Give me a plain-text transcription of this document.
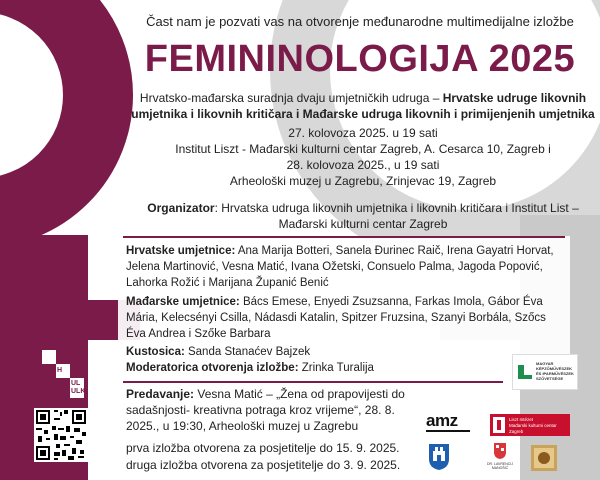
Čast nam je pozvati vas na otvorenje međunarodne multimedijalne izložbe
FEMININOLOGIJA 2025
Hrvatsko-mađarska suradnja dvaju umjetničkih udruga – Hrvatske udruge likovnih umjetnika i likovnih kritičara i Mađarske udruga likovnih i primijenjenih umjetnika
27. kolovoza 2025. u 19 sati
Institut Liszt - Mađarski kulturni centar Zagreb, A. Cesarca 10, Zagreb i
28. kolovoza 2025., u 19 sati
Arheološki muzej u Zagrebu, Zrinjevac 19, Zagreb
Organizator: Hrvatska udruga likovnih umjetnika i likovnih kritičara i Institut List – Mađarski kulturni centar Zagreb
Hrvatske umjetnice: Ana Marija Botteri, Sanela Đurinec Raič, Irena Gayatri Horvat, Jelena Martinović, Vesna Matić, Ivana Ožetski, Consuelo Palma, Jagoda Popović, Lahorka Rožić i Marijana Županić Benić
Mađarske umjetnice: Bács Emese, Enyedi Zsuzsanna, Farkas Imola, Gábor Éva Mária, Kelecsényi Csilla, Nádasdi Katalin, Spitzer Fruzsina, Szanyi Borbála, Szőcs Éva Andrea i Szőke Barbara
Kustosica: Sanda Stanaćev Bajzek
Moderatorica otvorenja izložbe: Zrinka Turalija
Predavanje: Vesna Matić – „Žena od prapovijesti do sadašnjosti- kreativna potraga kroz vrijeme“, 28. 8. 2025., u 19:30, Arheološki muzej u Zagrebu
prva izložba otvorena za posjetitelje do 15. 9. 2025.
druga izložba otvorena za posjetitelje do 3. 9. 2025.
H
UL
ULK
MAGYAR
KÉPZŐMŰVÉSZEK
ÉS IPARMŰVÉSZEK
SZÖVETSÉGE
amz	Liszt Intézet
Mađarski kulturni centar Zagreb
DR. LAVRENCIJ MANOŠIĆ
